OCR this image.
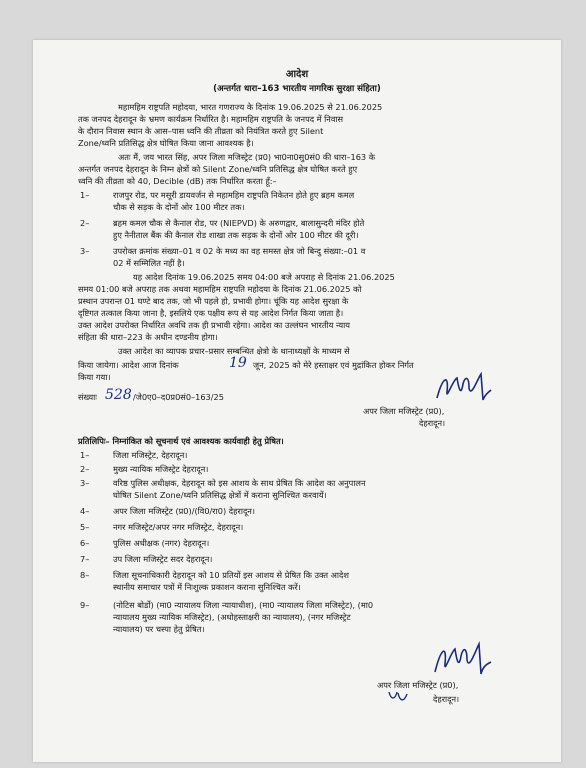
आदेश
(अन्तर्गत धारा–163 भारतीय नागरिक सुरक्षा संहिता)
महामहिम राष्ट्रपति महोदया, भारत गणराज्य के दिनांक 19.06.2025 से 21.06.2025
तक जनपद देहरादून के भ्रमण कार्यक्रम निर्धारित है। महामहिम राष्ट्रपति के जनपद में निवास
के दौरान निवास स्थान के आस–पास ध्वनि की तीव्रता को नियंत्रित करते हुए Silent
Zone/ध्वनि प्रतिसिद्ध क्षेत्र घोषित किया जाना आवश्यक है।
अतः मैं, जय भारत सिंह, अपर जिला मजिस्ट्रेट (प्र0) भा0ना0सु0सं0 की धारा–163 के
अन्तर्गत जनपद देहरादून के निम्न क्षेत्रों को Silent Zone/ध्वनि प्रतिसिद्ध क्षेत्र घोषित करते हुए
ध्वनि की तीव्रता को 40, Decible (dB) तक निर्धारित करता हूँ:–
1–	राजपुर रोड, पर मसूरी डायवर्जन से महामहिम राष्ट्रपति निकेतन होते हुए ब्रहम कमल
चौक से सड़क के दोनों ओर 100 मीटर तक।
2–	ब्रहम कमल चौक से कैनाल रोड, पर (NIEPVD) के अरुणद्वार, बालासुन्दरी मंदिर होते
हुए नैनीताल बैंक की कैनाल रोड शाखा तक सड़क के दोनों ओर 100 मीटर की दूरी।
3–	उपरोक्त क्रमांक संख्या–01 व 02 के मध्य का वह समस्त क्षेत्र जो बिन्दु संख्या:–01 व
02 में सम्मिलित नहीं है।
यह आदेश दिनांक 19.06.2025 समय 04:00 बजे अपराह से दिनांक 21.06.2025
समय 01:00 बजे अपराह तक अथवा महामहिम राष्ट्रपति महोदया के दिनांक 21.06.2025 को
प्रस्थान उपरान्त 01 घण्टे बाद तक, जो भी पहले हो, प्रभावी होगा। चूंकि यह आदेश सुरक्षा के
दृष्टिगत तत्काल किया जाना है, इसलिये एक पक्षीय रूप से यह आदेश निर्गत किया जाता है।
उक्त आदेश उपरोक्त निर्धारित अवधि तक ही प्रभावी रहेगा। आदेश का उल्लंघन भारतीय न्याय
संहिता की धारा–223 के अधीन दण्डनीय होगा।
उक्त आदेश का व्यापक प्रचार–प्रसार सम्बन्धित क्षेत्रो के थानाध्यक्षों के माध्यम से
किया जायेगा। आदेश आज दिनांक	19 जून, 2025 को मेरे हस्ताक्षर एवं मुद्रांकित होकर निर्गत
किया गया।
संख्याः 528 /जे0ए0–द0प्र0सं0–163/25
अपर जिला मजिस्ट्रेट (प्र0),
देहरादून।
प्रतिलिपिः– निम्नांकित को सूचनार्थ एवं आवश्यक कार्यवाही हेतु प्रेषित।
1–	जिला मजिस्ट्रेट, देहरादून।
2–	मुख्य न्यायिक मजिस्ट्रेट देहरादून।
3–	वरिष्ठ पुलिस अधीक्षक, देहरादून को इस आशय के साथ प्रेषित कि आदेश का अनुपालन
घोषित Silent Zone/ध्वनि प्रतिसिद्ध क्षेत्रों में कराना सुनिश्चित करवायें।
4–	अपर जिला मजिस्ट्रेट (प्र0)/(वि0/रा0) देहरादून।
5–	नगर मजिस्ट्रेट/अपर नगर मजिस्ट्रेट, देहरादून।
6–	पुलिस अधीक्षक (नगर) देहरादून।
7–	उप जिला मजिस्ट्रेट सदर देहरादून।
8–	जिला सूचनाधिकारी देहरादून को 10 प्रतियों इस आशय से प्रेषित कि उक्त आदेश
स्थानीय समाचार पत्रों में निःशुल्क प्रकाशन कराना सुनिश्चित करें।
9–	(नोटिस बोर्डो) (मा0 न्यायालय जिला न्यायाधीश), (मा0 न्यायालय जिला मजिस्ट्रेट), (मा0
न्यायालय मुख्य न्यायिक मजिस्ट्रेट), (अधोहस्ताक्षरी का न्यायालय), (नगर मजिस्ट्रेट
न्यायालय) पर चस्पा हेतु प्रेषित।
अपर जिला मजिस्ट्रेट (प्र0),
देहरादून।
